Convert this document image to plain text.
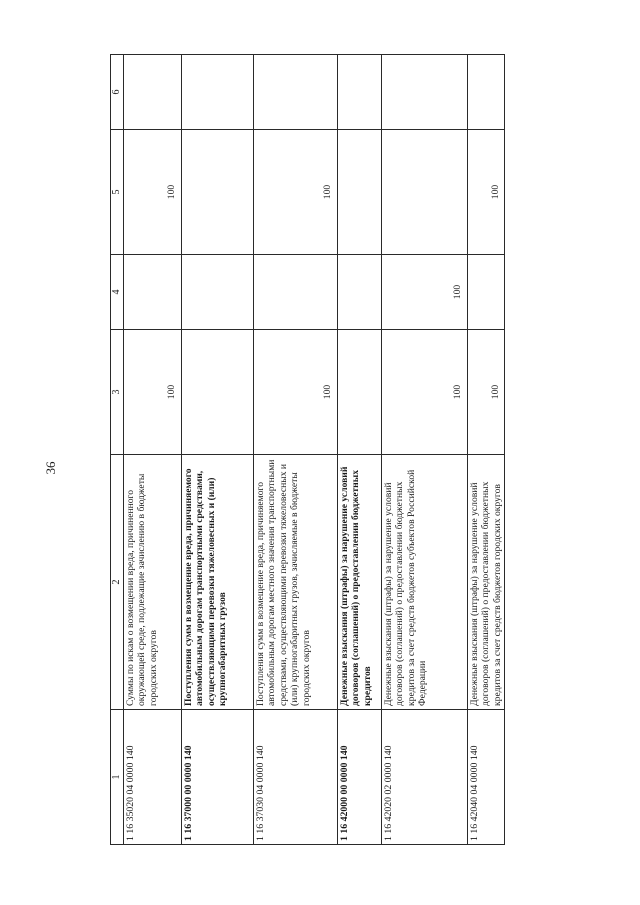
36
1	2	3	4	5	6
1 16 35020 04 0000 140	Суммы по искам о возмещении вреда, причиненного окружающей среде, подлежащие зачислению в бюджеты городских округов	100		100	
1 16 37000 00 0000 140	Поступления сумм в возмещение вреда, причиняемого автомобильным дорогам транспортными средствами, осуществляющими перевозки тяжеловесных и (или) крупногабаритных грузов				
1 16 37030 04 0000 140	Поступления сумм в возмещение вреда, причиняемого автомобильным дорогам местного значения транспортными средствами, осуществляющими перевозки тяжеловесных и (или) крупногабаритных грузов, зачисляемые в бюджеты городских округов	100		100	
1 16 42000 00 0000 140	Денежные взыскания (штрафы) за нарушение условий договоров (соглашений) о предоставлении бюджетных кредитов				
1 16 42020 02 0000 140	Денежные взыскания (штрафы) за нарушение условий договоров (соглашений) о предоставлении бюджетных кредитов за счет средств бюджетов субъектов Российской Федерации	100	100		
1 16 42040 04 0000 140	Денежные взыскания (штрафы) за нарушение условий договоров (соглашений) о предоставлении бюджетных кредитов за счет средств бюджетов городских округов	100		100	
